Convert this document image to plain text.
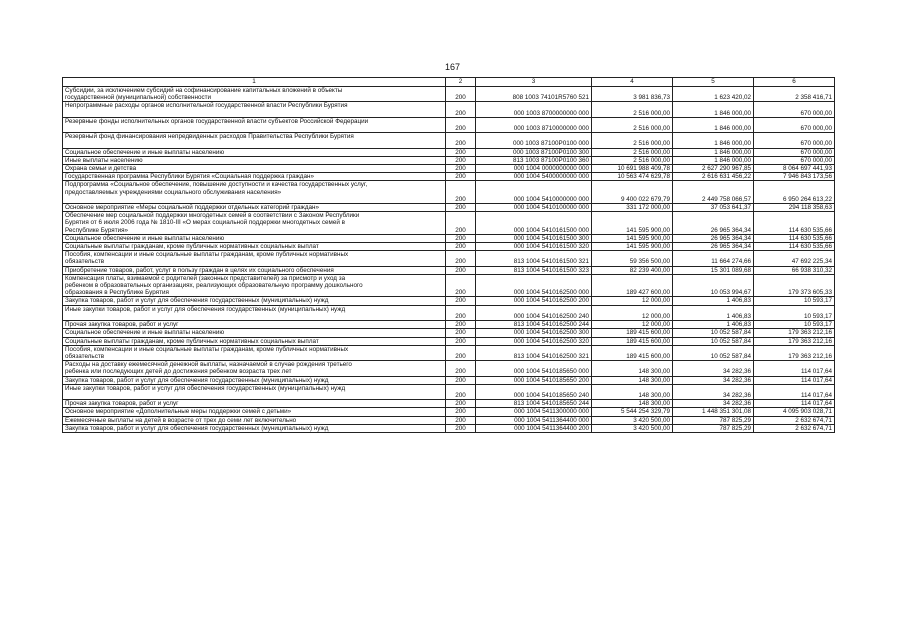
167
1	2	3	4	5	6

Субсидии, за исключением субсидий на софинансирование капитальных вложений в объекты
государственной (муниципальной) собственности	200	808 1003 74101R5760 521	3 981 836,73	1 623 420,02	2 358 416,71

Непрограммные расходы органов исполнительной государственной власти Республики Бурятия	200	000 1003 8700000000 000	2 516 000,00	1 846 000,00	670 000,00

Резервные фонды исполнительных органов государственной власти субъектов Российской Федерации	200	000 1003 8710000000 000	2 516 000,00	1 846 000,00	670 000,00

Резервный фонд финансирования непредвиденных расходов Правительства Республики Бурятия	200	000 1003 87100P0100 000	2 516 000,00	1 846 000,00	670 000,00

Социальное обеспечение и иные выплаты населению	200	000 1003 87100P0100 300	2 516 000,00	1 846 000,00	670 000,00

Иные выплаты населению	200	813 1003 87100P0100 360	2 516 000,00	1 846 000,00	670 000,00

Охрана семьи и детства	200	000 1004 0000000000 000	10 691 988 409,78	2 627 290 967,85	8 064 697 441,93

Государственная программа Республики Бурятия «Социальная поддержка граждан»	200	000 1004 5400000000 000	10 563 474 629,78	2 616 631 456,22	7 946 843 173,56

Подпрограмма «Социальное обеспечение, повышение доступности и качества государственных услуг,
предоставляемых учреждениями социального обслуживания населения»	200	000 1004 5410000000 000	9 400 022 679,79	2 449 758 066,57	6 950 264 613,22

Основное мероприятие «Меры социальной поддержки отдельных категорий граждан»	200	000 1004 5410100000 000	331 172 000,00	37 053 641,37	294 118 358,63

Обеспечение мер социальной поддержки многодетных семей в соответствии с Законом Республики
Бурятия от 6 июля 2006 года № 1810-III «О мерах социальной поддержки многодетных семей в
Республике Бурятия»	200	000 1004 5410161500 000	141 595 900,00	26 965 364,34	114 630 535,66

Социальное обеспечение и иные выплаты населению	200	000 1004 5410161500 300	141 595 900,00	26 965 364,34	114 630 535,66

Социальные выплаты гражданам, кроме публичных нормативных социальных выплат	200	000 1004 5410161500 320	141 595 900,00	26 965 364,34	114 630 535,66

Пособия, компенсации и иные социальные выплаты гражданам, кроме публичных нормативных
обязательств	200	813 1004 5410161500 321	59 356 500,00	11 664 274,66	47 692 225,34

Приобретение товаров, работ, услуг в пользу граждан в целях их социального обеспечения	200	813 1004 5410161500 323	82 239 400,00	15 301 089,68	66 938 310,32

Компенсация платы, взимаемой с родителей (законных представителей) за присмотр и уход за
ребенком в образовательных организациях, реализующих образовательную программу дошкольного
образования в Республике Бурятия	200	000 1004 5410162500 000	189 427 600,00	10 053 994,67	179 373 605,33

Закупка товаров, работ и услуг для обеспечения государственных (муниципальных) нужд	200	000 1004 5410162500 200	12 000,00	1 406,83	10 593,17

Иные закупки товаров, работ и услуг для обеспечения государственных (муниципальных) нужд	200	000 1004 5410162500 240	12 000,00	1 406,83	10 593,17

Прочая закупка товаров, работ и услуг	200	813 1004 5410162500 244	12 000,00	1 406,83	10 593,17

Социальное обеспечение и иные выплаты населению	200	000 1004 5410162500 300	189 415 600,00	10 052 587,84	179 363 212,16

Социальные выплаты гражданам, кроме публичных нормативных социальных выплат	200	000 1004 5410162500 320	189 415 600,00	10 052 587,84	179 363 212,16

Пособия, компенсации и иные социальные выплаты гражданам, кроме публичных нормативных
обязательств	200	813 1004 5410162500 321	189 415 600,00	10 052 587,84	179 363 212,16

Расходы на доставку ежемесячной денежной выплаты, назначаемой в случае рождения третьего
ребенка или последующих детей до достижения ребенком возраста трех лет	200	000 1004 5410185650 000	148 300,00	34 282,36	114 017,64

Закупка товаров, работ и услуг для обеспечения государственных (муниципальных) нужд	200	000 1004 5410185650 200	148 300,00	34 282,36	114 017,64

Иные закупки товаров, работ и услуг для обеспечения государственных (муниципальных) нужд	200	000 1004 5410185650 240	148 300,00	34 282,36	114 017,64

Прочая закупка товаров, работ и услуг	200	813 1004 5410185650 244	148 300,00	34 282,36	114 017,64

Основное мероприятие «Дополнительные меры поддержки семей с детьми»	200	000 1004 5411300000 000	5 544 254 329,79	1 448 351 301,08	4 095 903 028,71

Ежемесячные выплаты на детей в возрасте от трех до семи лет включительно	200	000 1004 5411364400 000	3 420 500,00	787 825,29	2 632 674,71

Закупка товаров, работ и услуг для обеспечения государственных (муниципальных) нужд	200	000 1004 5411364400 200	3 420 500,00	787 825,29	2 632 674,71
